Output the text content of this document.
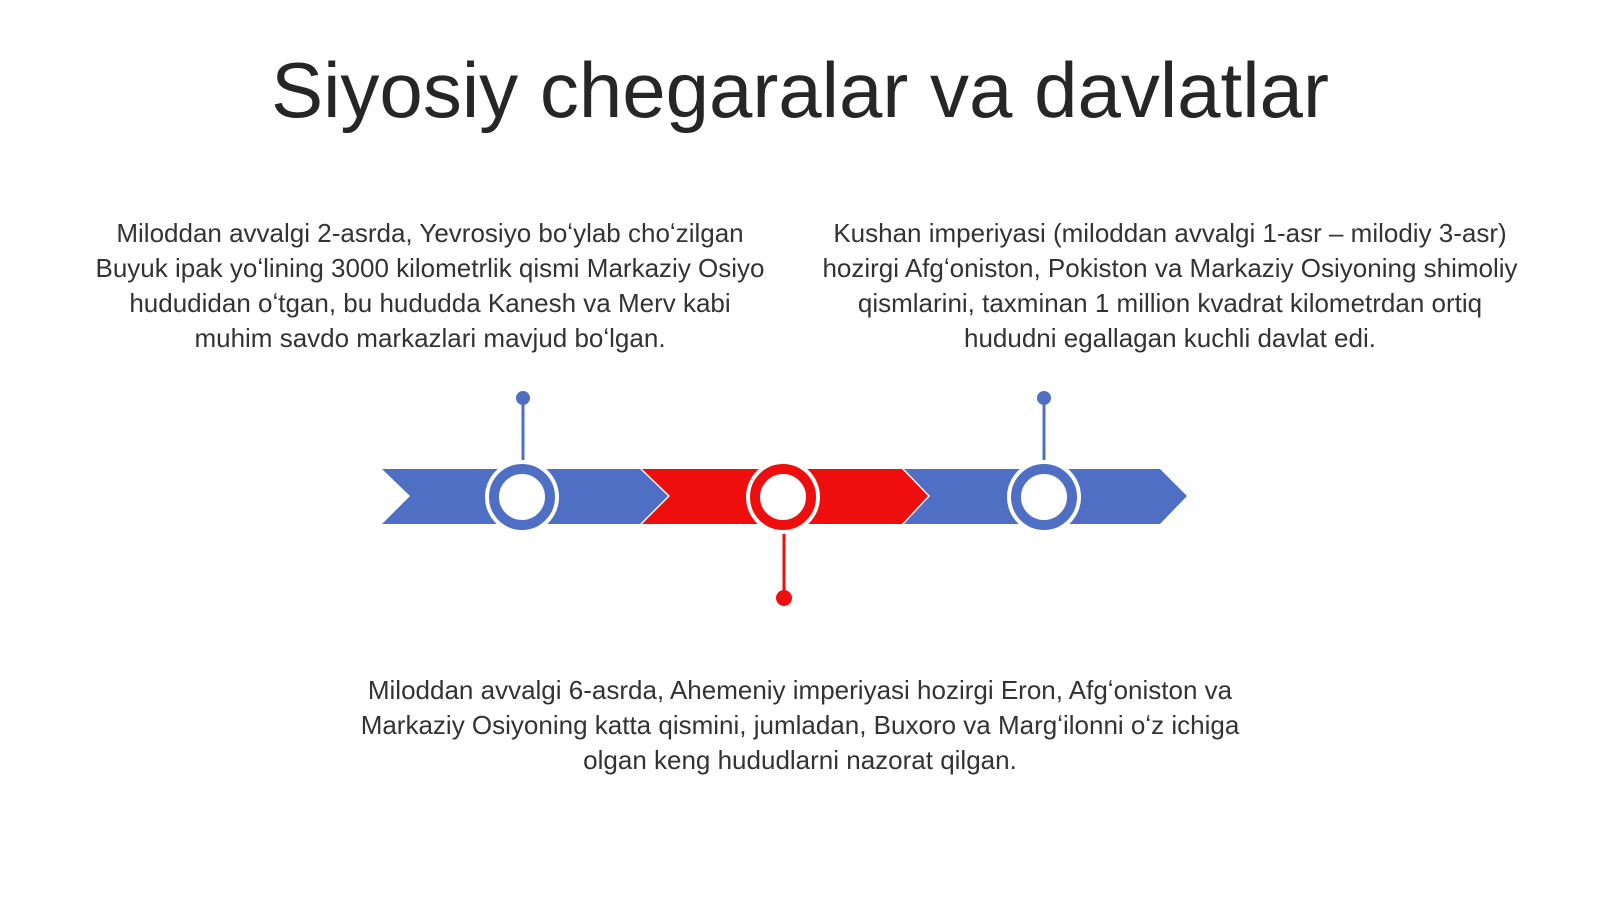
Siyosiy chegaralar va davlatlar

Miloddan avvalgi 2-asrda, Yevrosiyo boʻylab choʻzilgan Buyuk ipak yoʻlining 3000 kilometrlik qismi Markaziy Osiyo hududidan oʻtgan, bu hududda Kanesh va Merv kabi muhim savdo markazlari mavjud boʻlgan.

Kushan imperiyasi (miloddan avvalgi 1-asr – milodiy 3-asr) hozirgi Afgʻoniston, Pokiston va Markaziy Osiyoning shimoliy qismlarini, taxminan 1 million kvadrat kilometrdan ortiq hududni egallagan kuchli davlat edi.

Miloddan avvalgi 6-asrda, Ahemeniy imperiyasi hozirgi Eron, Afgʻoniston va Markaziy Osiyoning katta qismini, jumladan, Buxoro va Margʻilonni oʻz ichiga olgan keng hududlarni nazorat qilgan.
